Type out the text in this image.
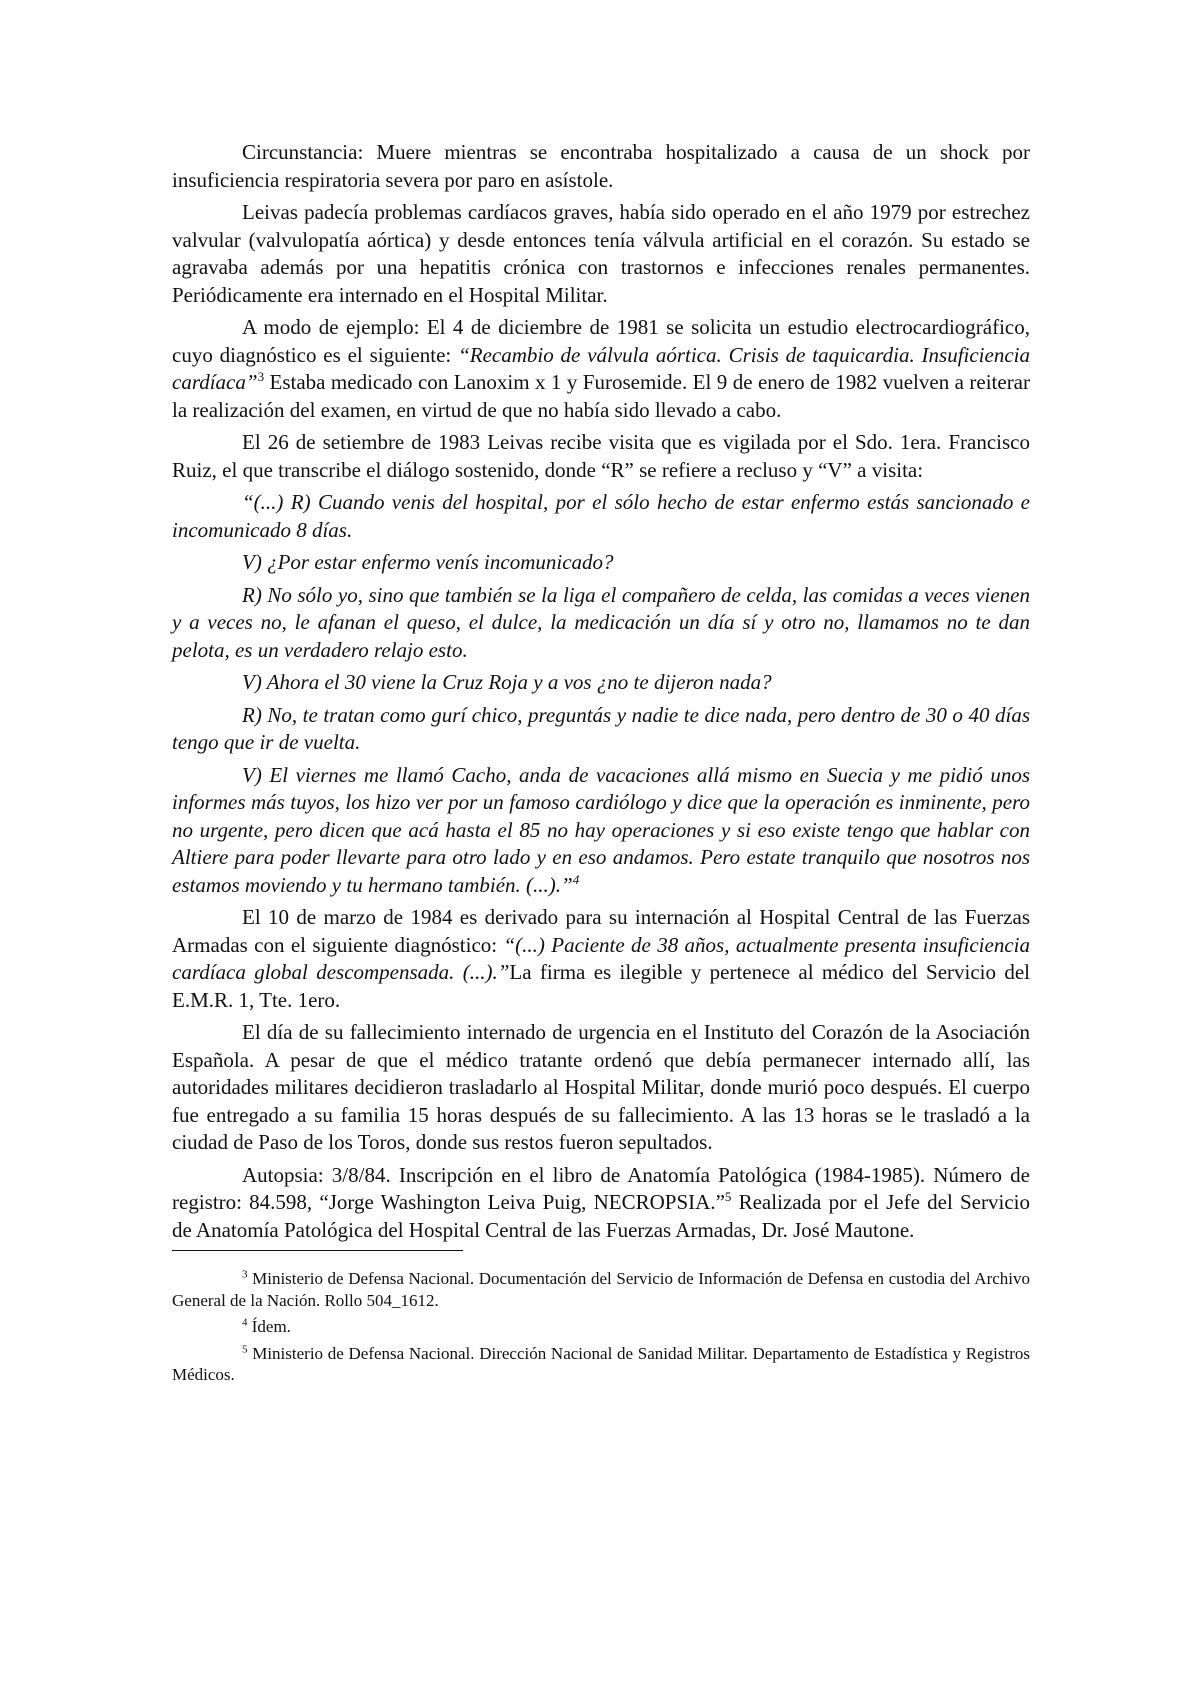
Circunstancia: Muere mientras se encontraba hospitalizado a causa de un shock por insuficiencia respiratoria severa por paro en asístole.

Leivas padecía problemas cardíacos graves, había sido operado en el año 1979 por estrechez valvular (valvulopatía aórtica) y desde entonces tenía válvula artificial en el corazón. Su estado se agravaba además por una hepatitis crónica con trastornos e infecciones renales permanentes. Periódicamente era internado en el Hospital Militar.

A modo de ejemplo: El 4 de diciembre de 1981 se solicita un estudio electrocardiográfico, cuyo diagnóstico es el siguiente: “Recambio de válvula aórtica. Crisis de taquicardia. Insuficiencia cardíaca”$^3$ Estaba medicado con Lanoxim x 1 y Furosemide. El 9 de enero de 1982 vuelven a reiterar la realización del examen, en virtud de que no había sido llevado a cabo.

El 26 de setiembre de 1983 Leivas recibe visita que es vigilada por el Sdo. 1era. Francisco Ruiz, el que transcribe el diálogo sostenido, donde “R” se refiere a recluso y “V” a visita:

“(...) R) Cuando venis del hospital, por el sólo hecho de estar enfermo estás sancionado e incomunicado 8 días.

V) ¿Por estar enfermo venís incomunicado?

R) No sólo yo, sino que también se la liga el compañero de celda, las comidas a veces vienen y a veces no, le afanan el queso, el dulce, la medicación un día sí y otro no, llamamos no te dan pelota, es un verdadero relajo esto.

V) Ahora el 30 viene la Cruz Roja y a vos ¿no te dijeron nada?

R) No, te tratan como gurí chico, preguntás y nadie te dice nada, pero dentro de 30 o 40 días tengo que ir de vuelta.

V) El viernes me llamó Cacho, anda de vacaciones allá mismo en Suecia y me pidió unos informes más tuyos, los hizo ver por un famoso cardiólogo y dice que la operación es inminente, pero no urgente, pero dicen que acá hasta el 85 no hay operaciones y si eso existe tengo que hablar con Altiere para poder llevarte para otro lado y en eso andamos. Pero estate tranquilo que nosotros nos estamos moviendo y tu hermano también. (...).”$^4$

El 10 de marzo de 1984 es derivado para su internación al Hospital Central de las Fuerzas Armadas con el siguiente diagnóstico: “(...) Paciente de 38 años, actualmente presenta insuficiencia cardíaca global descompensada. (...).”La firma es ilegible y pertenece al médico del Servicio del E.M.R. 1, Tte. 1ero.

El día de su fallecimiento internado de urgencia en el Instituto del Corazón de la Asociación Española. A pesar de que el médico tratante ordenó que debía permanecer internado allí, las autoridades militares decidieron trasladarlo al Hospital Militar, donde murió poco después. El cuerpo fue entregado a su familia 15 horas después de su fallecimiento. A las 13 horas se le trasladó a la ciudad de Paso de los Toros, donde sus restos fueron sepultados.

Autopsia: 3/8/84. Inscripción en el libro de Anatomía Patológica (1984-1985). Número de registro: 84.598, “Jorge Washington Leiva Puig, NECROPSIA.”$^5$ Realizada por el Jefe del Servicio de Anatomía Patológica del Hospital Central de las Fuerzas Armadas, Dr. José Mautone.

$^3$ Ministerio de Defensa Nacional. Documentación del Servicio de Información de Defensa en custodia del Archivo General de la Nación. Rollo 504_1612.

$^4$ Ídem.

$^5$ Ministerio de Defensa Nacional. Dirección Nacional de Sanidad Militar. Departamento de Estadística y Registros Médicos.
